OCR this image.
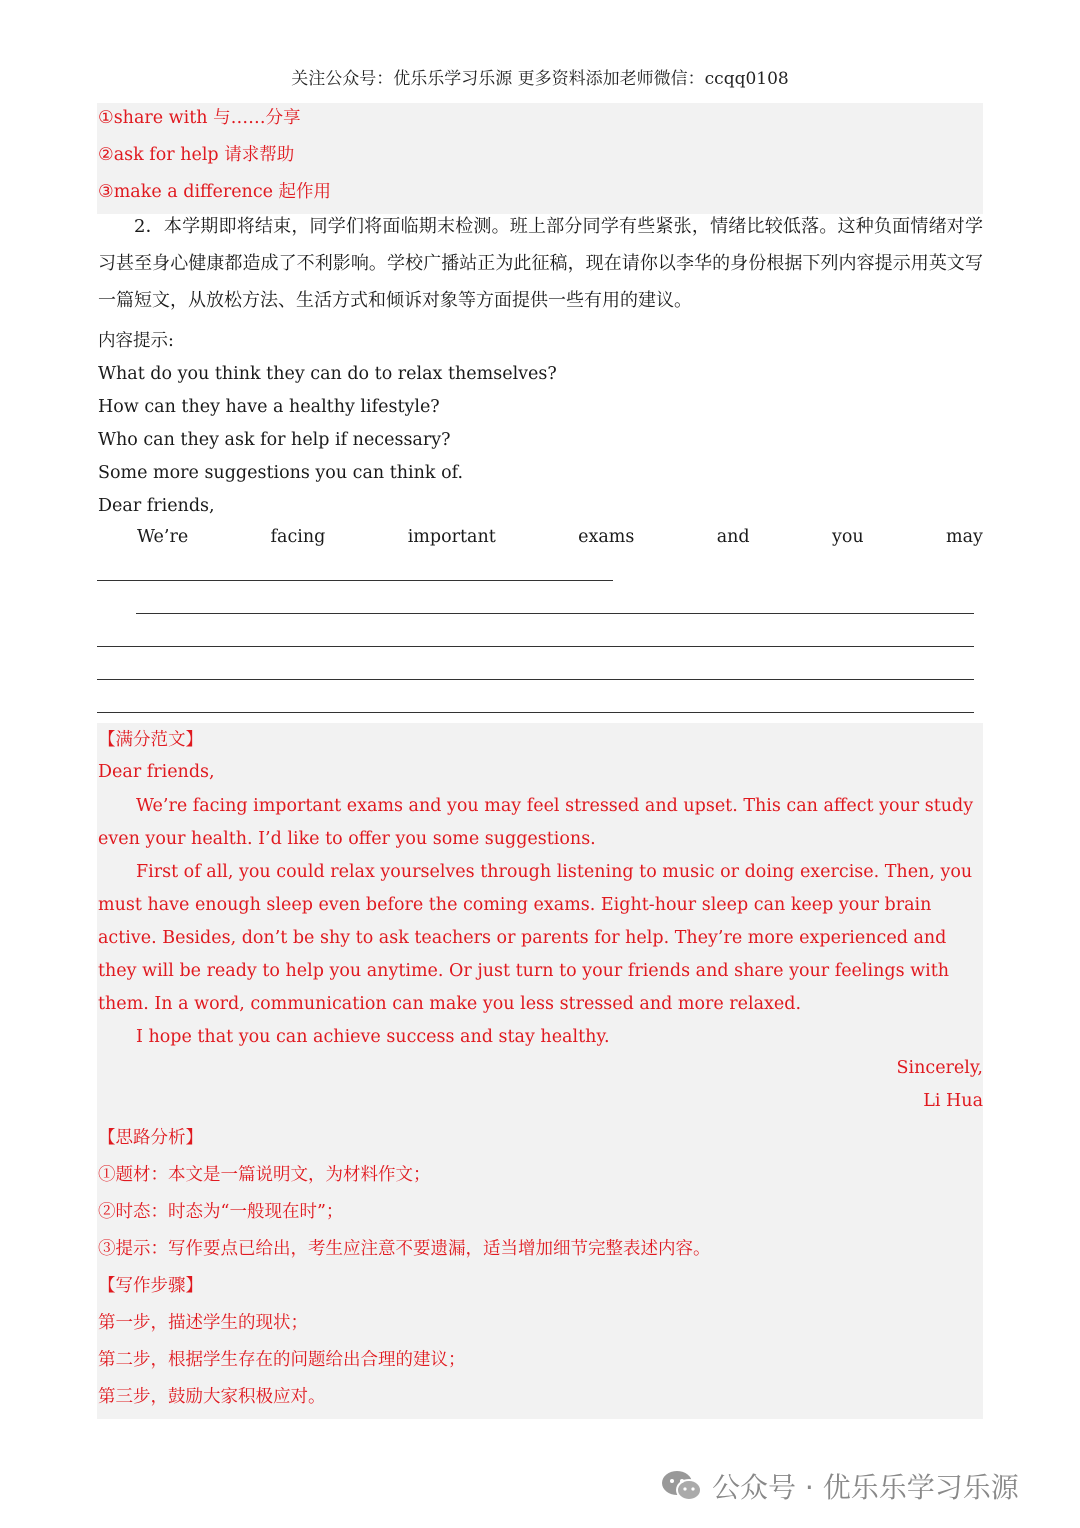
关注公众号：优乐乐学习乐源 更多资料添加老师微信：ccqq0108
①share with 与……分享
②ask for help 请求帮助
③make a difference 起作用
2．本学期即将结束，同学们将面临期末检测。班上部分同学有些紧张，情绪比较低落。这种负面情绪对学习甚至身心健康都造成了不利影响。学校广播站正为此征稿，现在请你以李华的身份根据下列内容提示用英文写一篇短文，从放松方法、生活方式和倾诉对象等方面提供一些有用的建议。
内容提示:
What do you think they can do to relax themselves?
How can they have a healthy lifestyle?
Who can they ask for help if necessary?
Some more suggestions you can think of.
Dear friends,
We’re	facing	important	exams	and	you	may
【满分范文】
Dear friends,

We’re facing important exams and you may feel stressed and upset. This can affect your study even your health. I’d like to offer you some suggestions.

First of all, you could relax yourselves through listening to music or doing exercise. Then, you must have enough sleep even before the coming exams. Eight-hour sleep can keep your brain active. Besides, don’t be shy to ask teachers or parents for help. They’re more experienced and they will be ready to help you anytime. Or just turn to your friends and share your feelings with them. In a word, communication can make you less stressed and more relaxed.

I hope that you can achieve success and stay healthy.

Sincerely,
Li Hua
【思路分析】
①题材：本文是一篇说明文，为材料作文；
②时态：时态为“一般现在时”；
③提示：写作要点已给出，考生应注意不要遗漏，适当增加细节完整表述内容。
【写作步骤】
第一步，描述学生的现状；
第二步，根据学生存在的问题给出合理的建议；
第三步，鼓励大家积极应对。
公众号 · 优乐乐学习乐源
